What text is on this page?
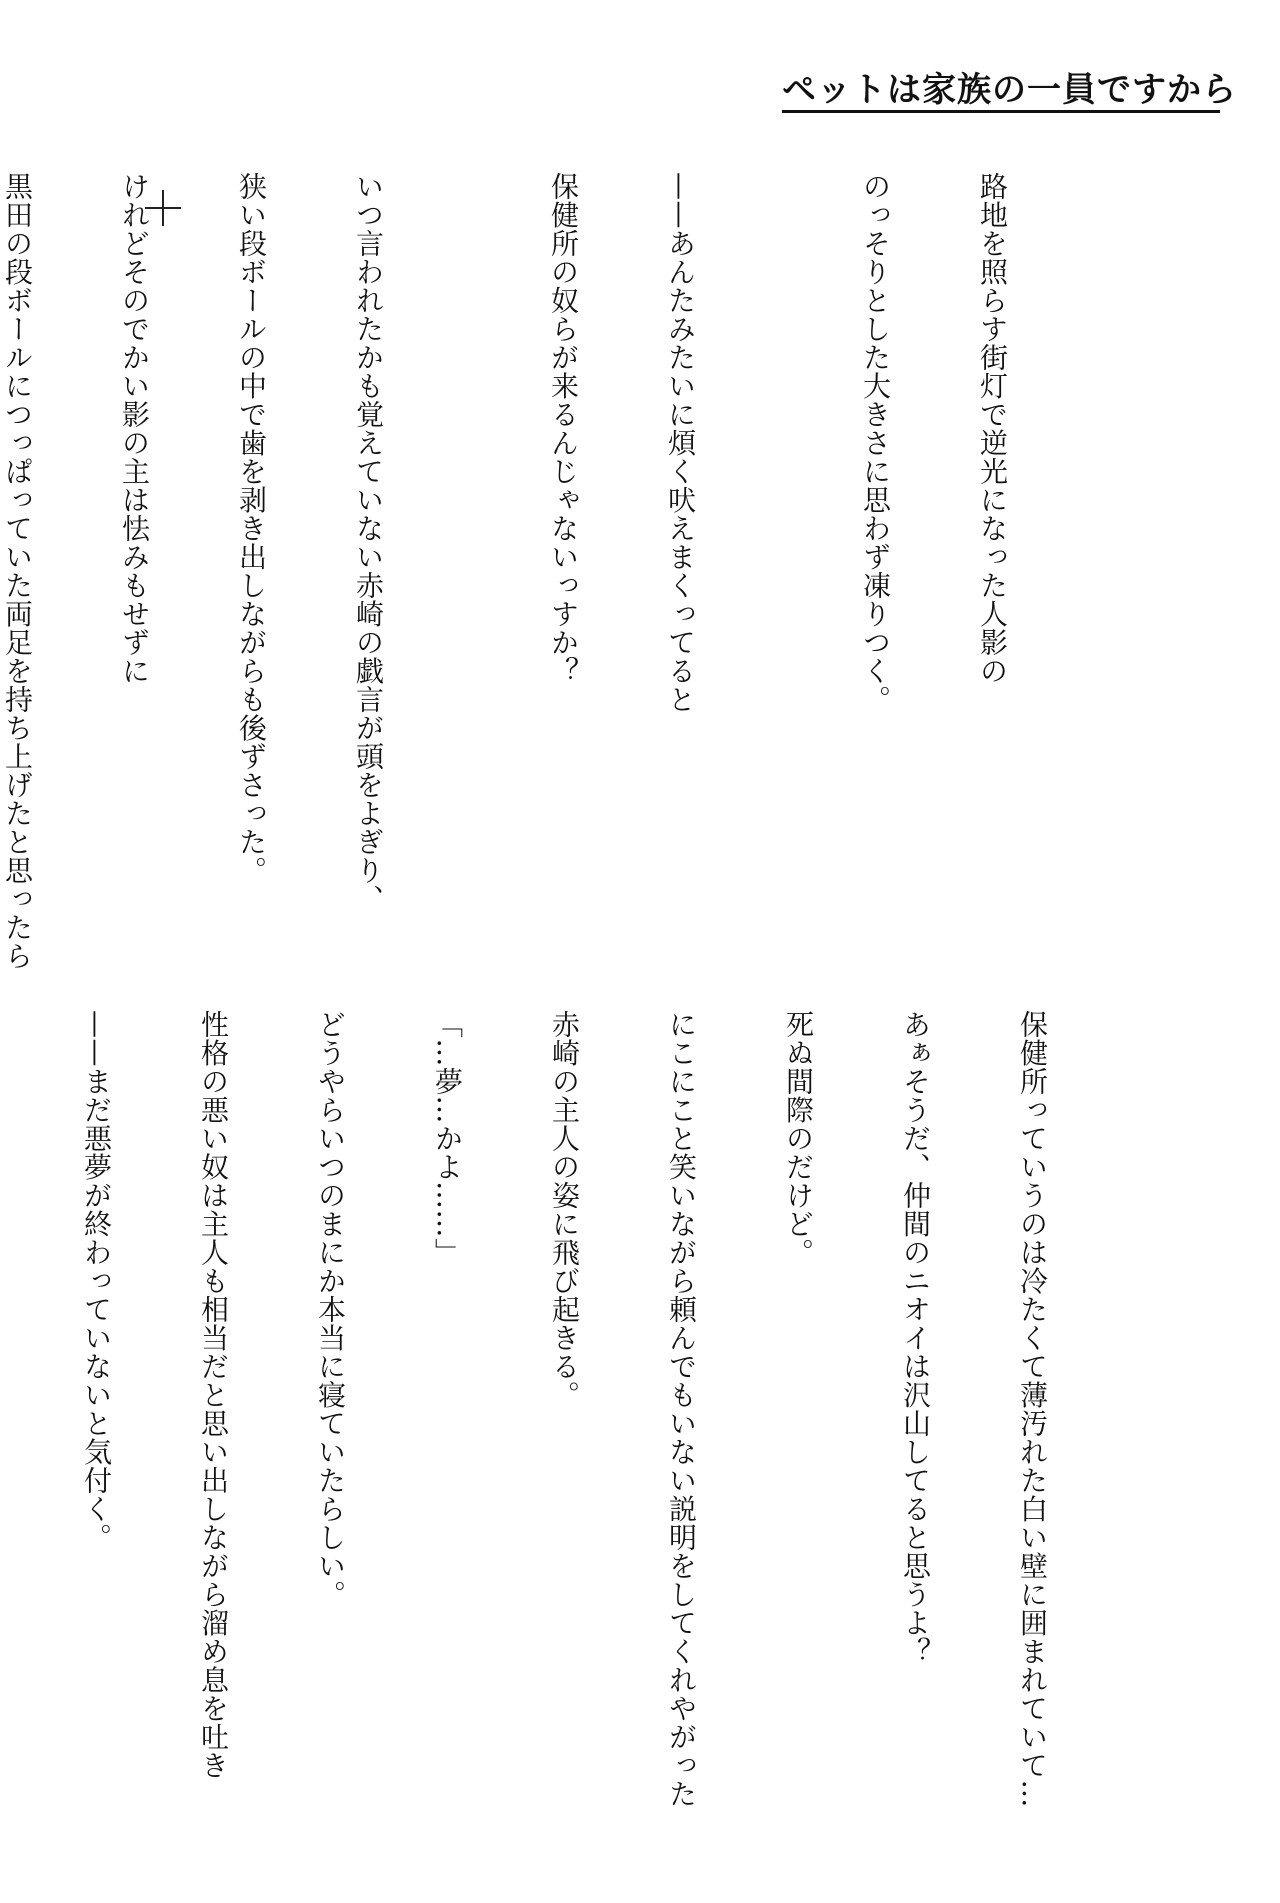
ペットは家族の一員ですから

路地を照らす街灯で逆光になった人影の

のっそりとした大きさに思わず凍りつく。

——あんたみたいに煩く吠えまくってると

保健所の奴らが来るんじゃないっすか？

いつ言われたかも覚えていない赤崎の戯言が頭をよぎり、

狭い段ボールの中で歯を剥き出しながらも後ずさった。

けれどそのでかい影の主は怯みもせずに

黒田の段ボールにつっぱっていた両足を持ち上げたと思ったら

保健所っていうのは冷たくて薄汚れた白い壁に囲まれていて…

あぁそうだ、仲間のニオイは沢山してると思うよ？

死ぬ間際のだけど。

にこにこと笑いながら頼んでもいない説明をしてくれやがった

赤崎の主人の姿に飛び起きる。

「…夢…かよ……」

どうやらいつのまにか本当に寝ていたらしい。

性格の悪い奴は主人も相当だと思い出しながら溜め息を吐き

——まだ悪夢が終わっていないと気付く。
